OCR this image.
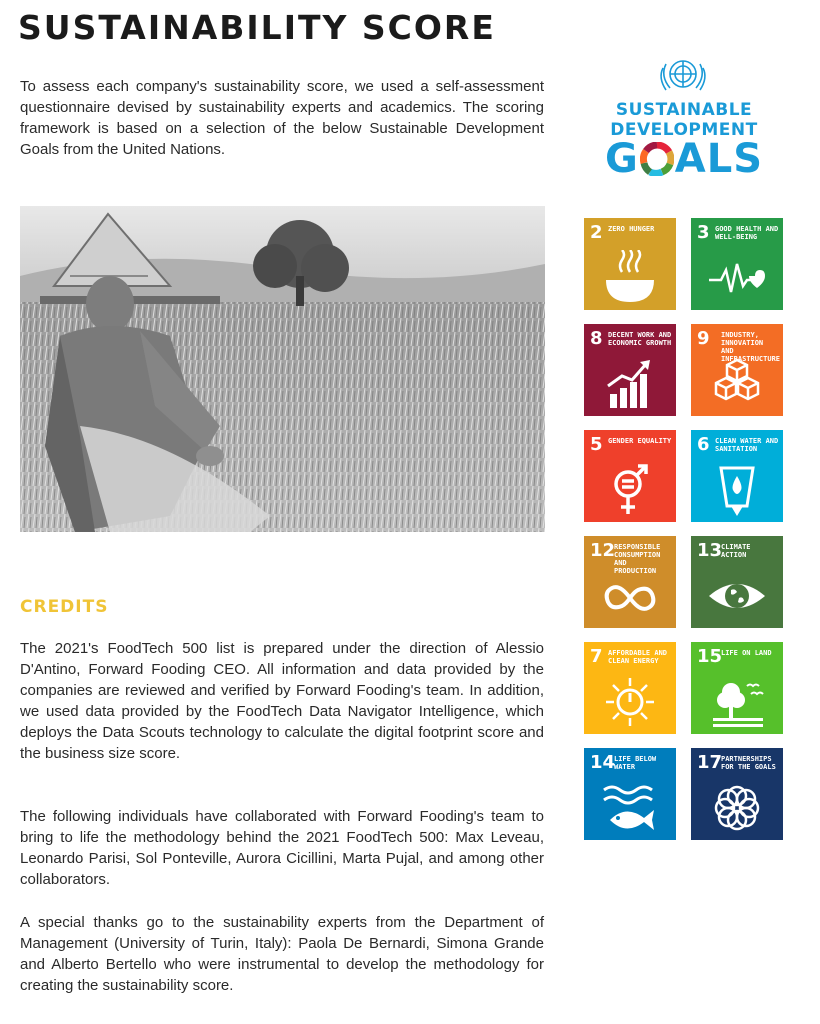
SUSTAINABILITY SCORE

To assess each company's sustainability score, we used a self-assessment questionnaire devised by sustainability experts and academics. The scoring framework is based on a selection of the below Sustainable Development Goals from the United Nations.

SUSTAINABLE
DEVELOPMENT
G ALS
2 ZERO HUNGER	3 GOOD HEALTH AND WELL-BEING
8 DECENT WORK AND ECONOMIC GROWTH 9 INDUSTRY, INNOVATION AND INFRASTRUCTURE
5 GENDER EQUALITY 6 CLEAN WATER AND SANITATION
12
RESPONSIBLE CONSUMPTION AND PRODUCTION
13
CLIMATE ACTION
7 AFFORDABLE AND CLEAN ENERGY	15
LIFE ON LAND
14
LIFE BELOW WATER	17
PARTNERSHIPS FOR THE GOALS
CREDITS

The 2021's FoodTech 500 list is prepared under the direction of Alessio D'Antino, Forward Fooding CEO. All information and data provided by the companies are reviewed and verified by Forward Fooding's team. In addition, we used data provided by the FoodTech Data Navigator Intelligence, which deploys the Data Scouts technology to calculate the digital footprint score and the business size score.

The following individuals have collaborated with Forward Fooding's team to bring to life the methodology behind the 2021 FoodTech 500: Max Leveau, Leonardo Parisi, Sol Ponteville, Aurora Cicillini, Marta Pujal, and among other collaborators.

A special thanks go to the sustainability experts from the Department of Management (University of Turin, Italy): Paola De Bernardi, Simona Grande and Alberto Bertello who were instrumental to develop the methodology for creating the sustainability score.
